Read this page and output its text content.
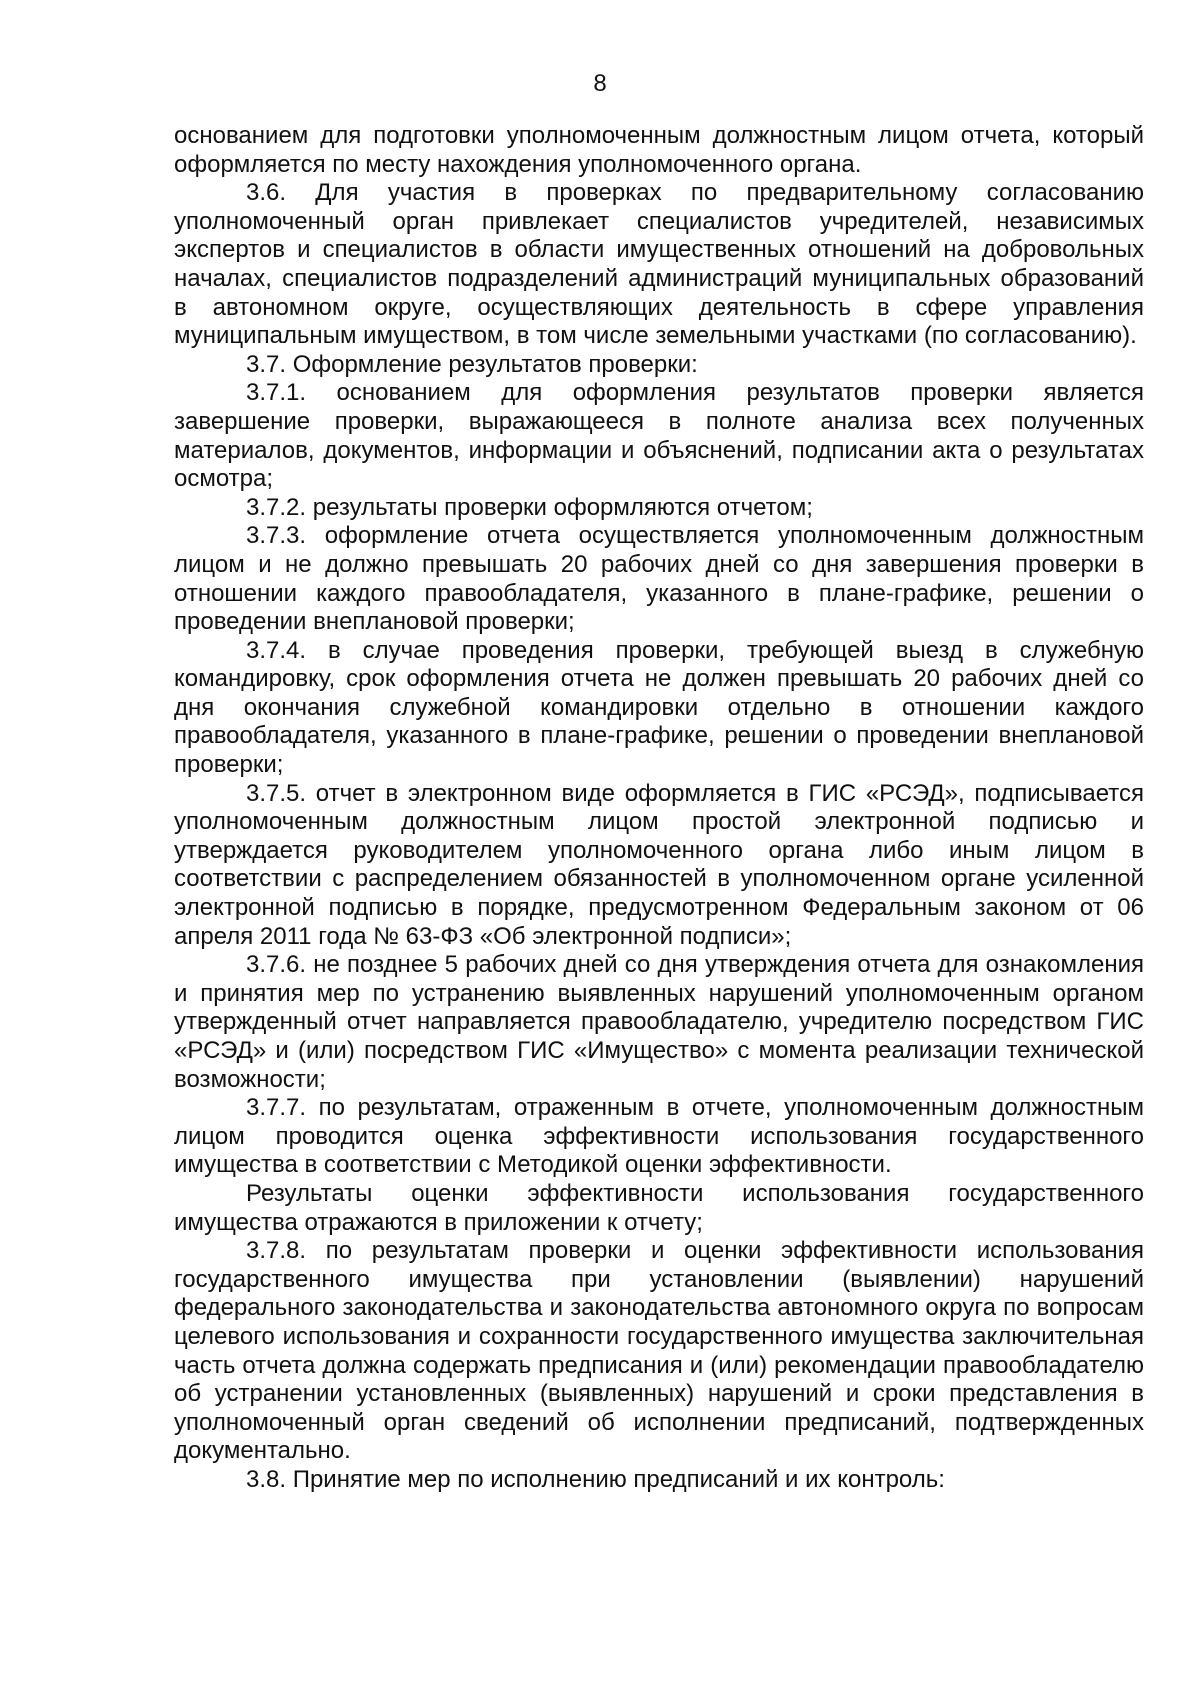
8

основанием для подготовки уполномоченным должностным лицом отчета, который оформляется по месту нахождения уполномоченного органа.

3.6. Для участия в проверках по предварительному согласованию уполномоченный орган привлекает специалистов учредителей, независимых экспертов и специалистов в области имущественных отношений на добровольных началах, специалистов подразделений администраций муниципальных образований в автономном округе, осуществляющих деятельность в сфере управления муниципальным имуществом, в том числе земельными участками (по согласованию).

3.7. Оформление результатов проверки:

3.7.1. основанием для оформления результатов проверки является завершение проверки, выражающееся в полноте анализа всех полученных материалов, документов, информации и объяснений, подписании акта о результатах осмотра;

3.7.2. результаты проверки оформляются отчетом;

3.7.3. оформление отчета осуществляется уполномоченным должностным лицом и не должно превышать 20 рабочих дней со дня завершения проверки в отношении каждого правообладателя, указанного в плане-графике, решении о проведении внеплановой проверки;

3.7.4. в случае проведения проверки, требующей выезд в служебную командировку, срок оформления отчета не должен превышать 20 рабочих дней со дня окончания служебной командировки отдельно в отношении каждого правообладателя, указанного в плане-графике, решении о проведении внеплановой проверки;

3.7.5. отчет в электронном виде оформляется в ГИС «РСЭД», подписывается уполномоченным должностным лицом простой электронной подписью и утверждается руководителем уполномоченного органа либо иным лицом в соответствии с распределением обязанностей в уполномоченном органе усиленной электронной подписью в порядке, предусмотренном Федеральным законом от 06 апреля 2011 года № 63-ФЗ «Об электронной подписи»;

3.7.6. не позднее 5 рабочих дней со дня утверждения отчета для ознакомления и принятия мер по устранению выявленных нарушений уполномоченным органом утвержденный отчет направляется правообладателю, учредителю посредством ГИС «РСЭД» и (или) посредством ГИС «Имущество» с момента реализации технической возможности;

3.7.7. по результатам, отраженным в отчете, уполномоченным должностным лицом проводится оценка эффективности использования государственного имущества в соответствии с Методикой оценки эффективности.

Результаты оценки эффективности использования государственного имущества отражаются в приложении к отчету;

3.7.8. по результатам проверки и оценки эффективности использования государственного имущества при установлении (выявлении) нарушений федерального законодательства и законодательства автономного округа по вопросам целевого использования и сохранности государственного имущества заключительная часть отчета должна содержать предписания и (или) рекомендации правообладателю об устранении установленных (выявленных) нарушений и сроки представления в уполномоченный орган сведений об исполнении предписаний, подтвержденных документально.

3.8. Принятие мер по исполнению предписаний и их контроль:
